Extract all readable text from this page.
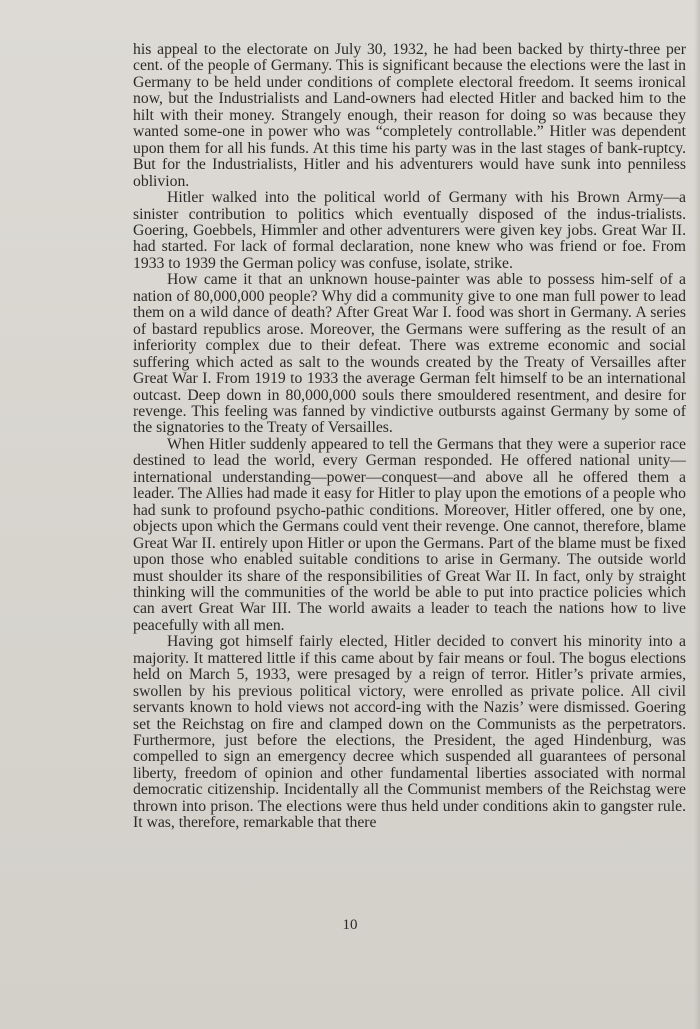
his appeal to the electorate on July 30, 1932, he had been backed by thirty-three per cent. of the people of Germany. This is significant because the elections were the last in Germany to be held under conditions of complete electoral freedom. It seems ironical now, but the Industrialists and Land-owners had elected Hitler and backed him to the hilt with their money. Strangely enough, their reason for doing so was because they wanted some-one in power who was “completely controllable.” Hitler was dependent upon them for all his funds. At this time his party was in the last stages of bank-ruptcy. But for the Industrialists, Hitler and his adventurers would have sunk into penniless oblivion.

Hitler walked into the political world of Germany with his Brown Army—a sinister contribution to politics which eventually disposed of the indus-trialists. Goering, Goebbels, Himmler and other adventurers were given key jobs. Great War II. had started. For lack of formal declaration, none knew who was friend or foe. From 1933 to 1939 the German policy was confuse, isolate, strike.

How came it that an unknown house-painter was able to possess him-self of a nation of 80,000,000 people? Why did a community give to one man full power to lead them on a wild dance of death? After Great War I. food was short in Germany. A series of bastard republics arose. Moreover, the Germans were suffering as the result of an inferiority complex due to their defeat. There was extreme economic and social suffering which acted as salt to the wounds created by the Treaty of Versailles after Great War I. From 1919 to 1933 the average German felt himself to be an international outcast. Deep down in 80,000,000 souls there smouldered resentment, and desire for revenge. This feeling was fanned by vindictive outbursts against Germany by some of the signatories to the Treaty of Versailles.

When Hitler suddenly appeared to tell the Germans that they were a superior race destined to lead the world, every German responded. He offered national unity—international understanding—power—conquest—and above all he offered them a leader. The Allies had made it easy for Hitler to play upon the emotions of a people who had sunk to profound psycho-pathic conditions. Moreover, Hitler offered, one by one, objects upon which the Germans could vent their revenge. One cannot, therefore, blame Great War II. entirely upon Hitler or upon the Germans. Part of the blame must be fixed upon those who enabled suitable conditions to arise in Germany. The outside world must shoulder its share of the responsibilities of Great War II. In fact, only by straight thinking will the communities of the world be able to put into practice policies which can avert Great War III. The world awaits a leader to teach the nations how to live peacefully with all men.

Having got himself fairly elected, Hitler decided to convert his minority into a majority. It mattered little if this came about by fair means or foul. The bogus elections held on March 5, 1933, were presaged by a reign of terror. Hitler’s private armies, swollen by his previous political victory, were enrolled as private police. All civil servants known to hold views not accord-ing with the Nazis’ were dismissed. Goering set the Reichstag on fire and clamped down on the Communists as the perpetrators. Furthermore, just before the elections, the President, the aged Hindenburg, was compelled to sign an emergency decree which suspended all guarantees of personal liberty, freedom of opinion and other fundamental liberties associated with normal democratic citizenship. Incidentally all the Communist members of the Reichstag were thrown into prison. The elections were thus held under conditions akin to gangster rule. It was, therefore, remarkable that there

10
